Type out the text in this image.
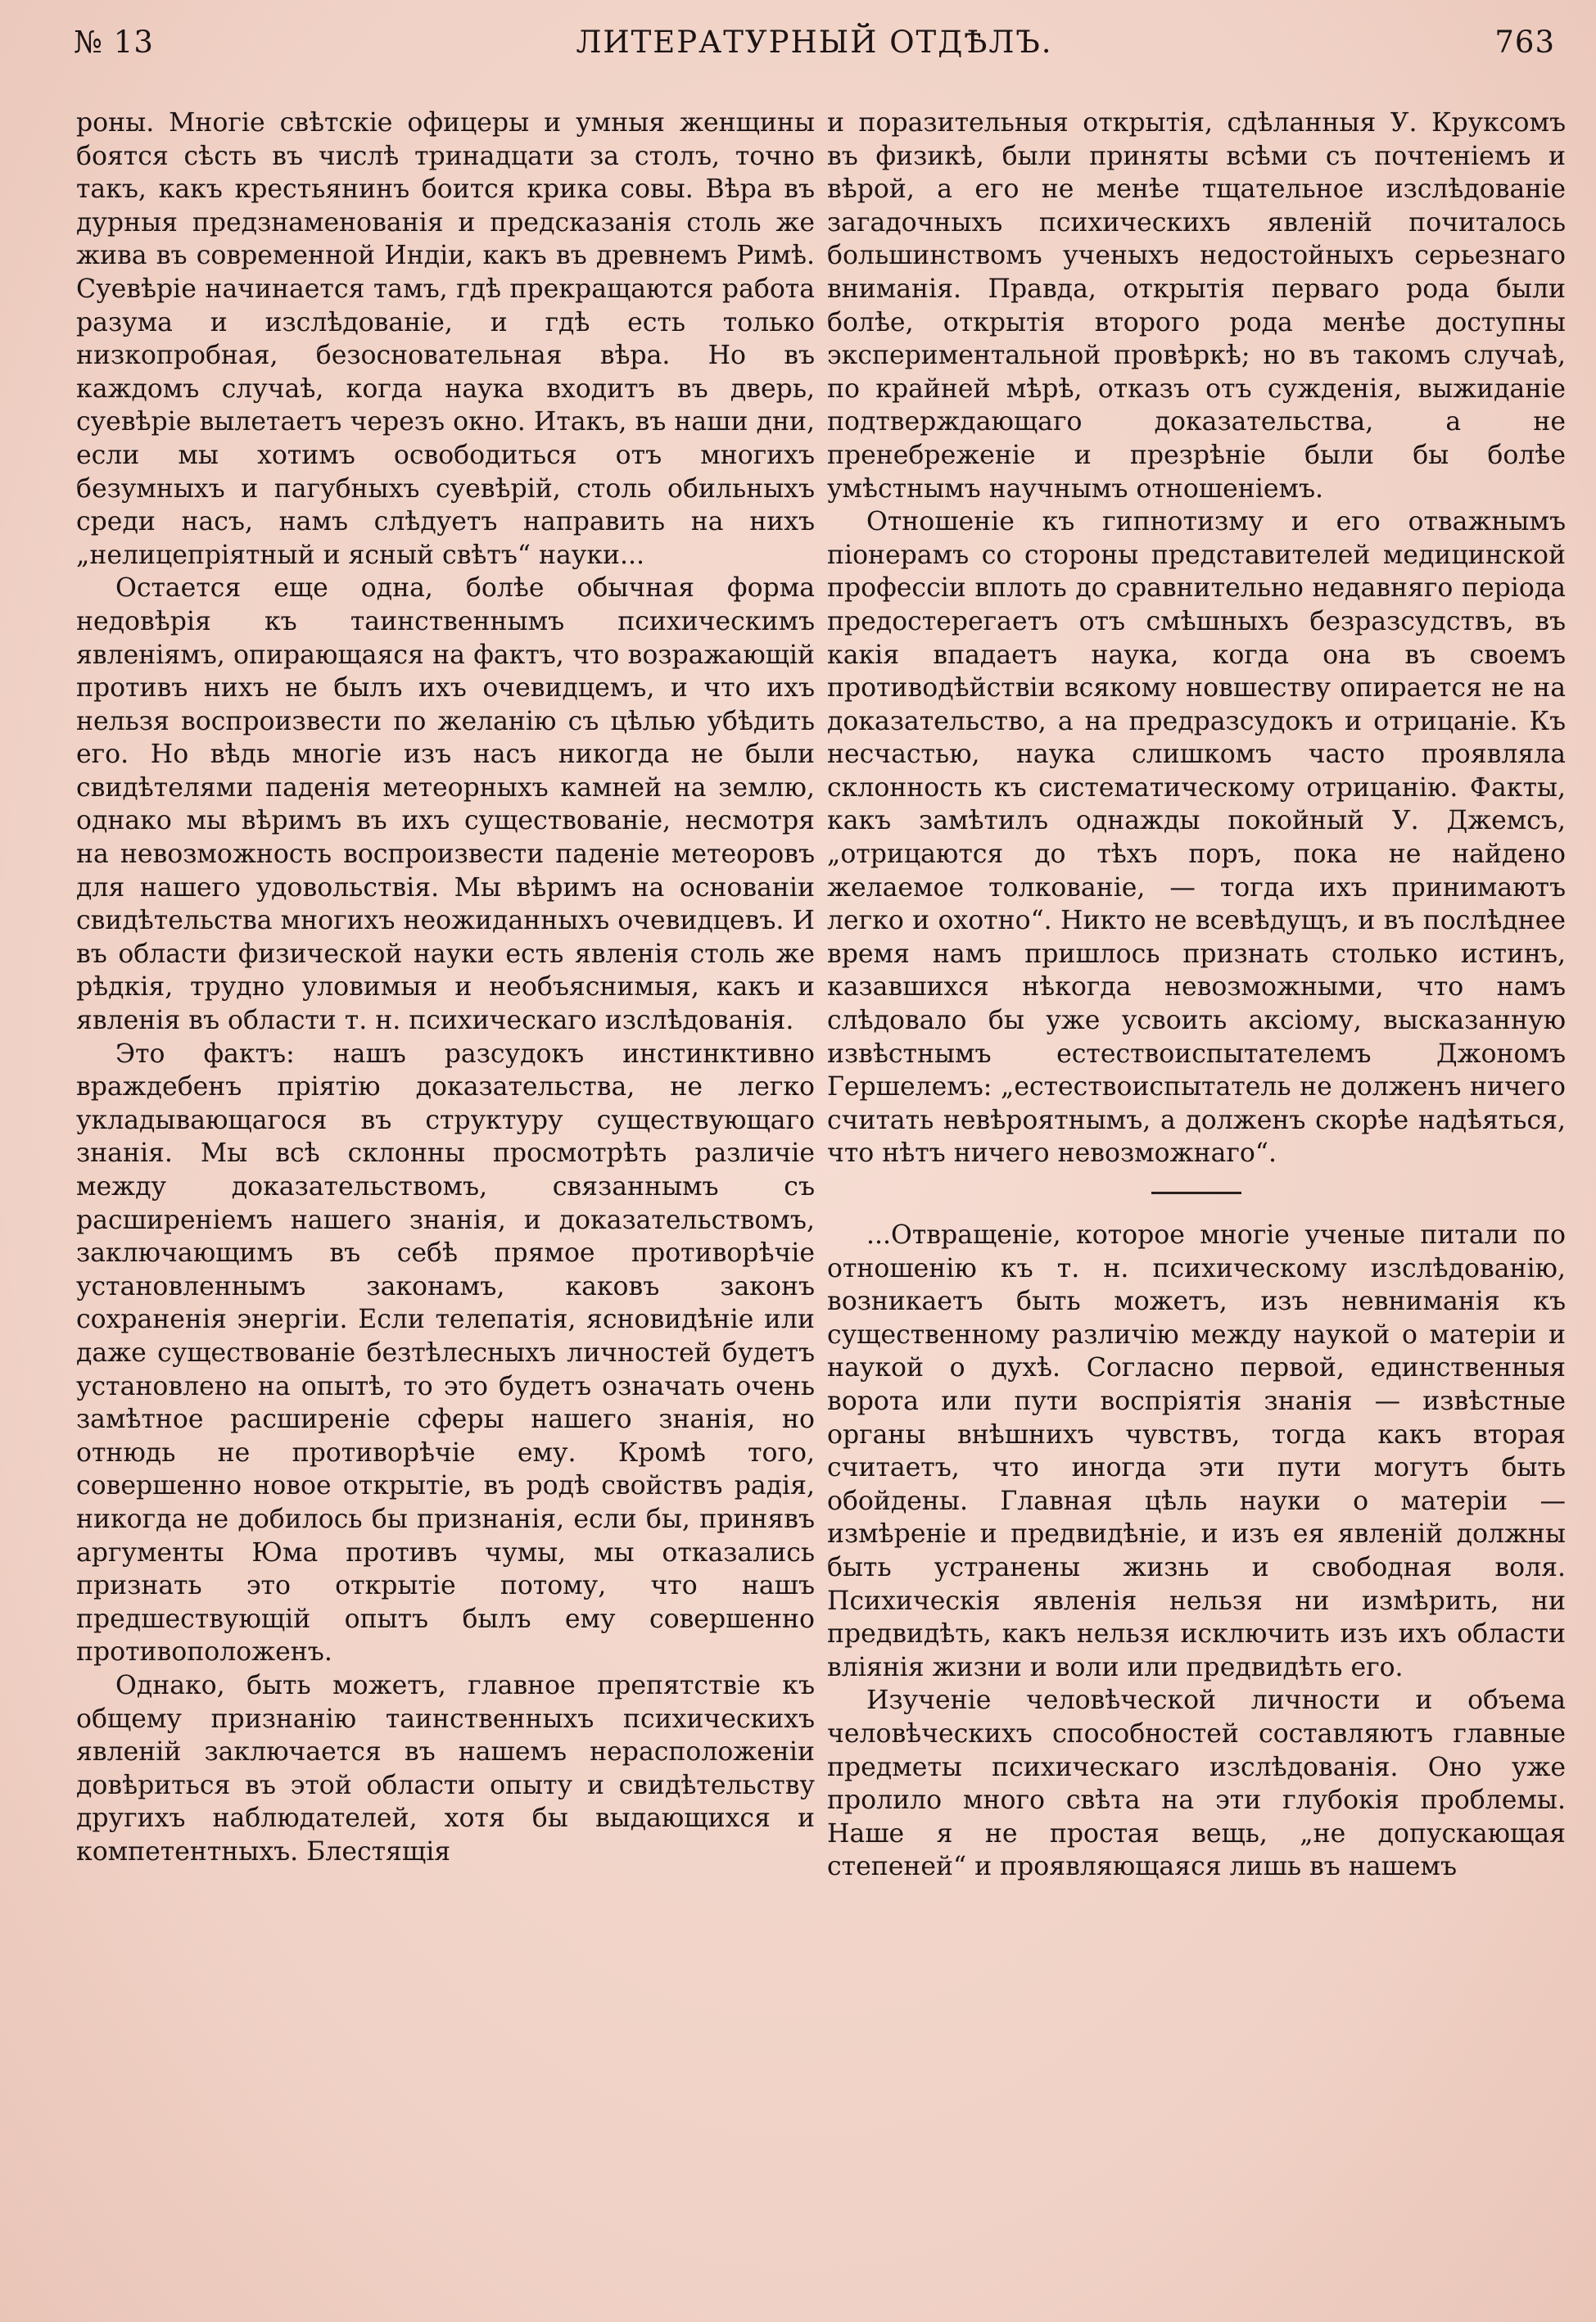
№ 13	ЛИТЕРАТУРНЫЙ ОТДѢЛЪ.	763

роны. Многіе свѣтскіе офицеры и умныя женщины боятся сѣсть въ числѣ тринадцати за столъ, точно такъ, какъ крестьянинъ боится крика совы. Вѣра въ дурныя предзнаменованія и предсказанія столь же жива въ современной Индіи, какъ въ древнемъ Римѣ. Суевѣріе начинается тамъ, гдѣ прекращаются работа разума и изслѣдованіе, и гдѣ есть только низкопробная, безосновательная вѣра. Но въ каждомъ случаѣ, когда наука входитъ въ дверь, суевѣріе вылетаетъ черезъ окно. Итакъ, въ наши дни, если мы хотимъ освободиться отъ многихъ безумныхъ и пагубныхъ суевѣрій, столь обильныхъ среди насъ, намъ слѣдуетъ направить на нихъ „нелицепріятный и ясный свѣтъ“ науки...

Остается еще одна, болѣе обычная форма недовѣрія къ таинственнымъ психическимъ явленіямъ, опирающаяся на фактъ, что возражающій противъ нихъ не былъ ихъ очевидцемъ, и что ихъ нельзя воспроизвести по желанію съ цѣлью убѣдить его. Но вѣдь многіе изъ насъ никогда не были свидѣтелями паденія метеорныхъ камней на землю, однако мы вѣримъ въ ихъ существованіе, несмотря на невозможность воспроизвести паденіе метеоровъ для нашего удовольствія. Мы вѣримъ на основаніи свидѣтельства многихъ неожиданныхъ очевидцевъ. И въ области физической науки есть явленія столь же рѣдкія, трудно уловимыя и необъяснимыя, какъ и явленія въ области т. н. психическаго изслѣдованія.

Это фактъ: нашъ разсудокъ инстинктивно враждебенъ пріятію доказательства, не легко укладывающагося въ структуру существующаго знанія. Мы всѣ склонны просмотрѣть различіе между доказательствомъ, связаннымъ съ расширеніемъ нашего знанія, и доказательствомъ, заключающимъ въ себѣ прямое противорѣчіе установленнымъ законамъ, каковъ законъ сохраненія энергіи. Если телепатія, ясновидѣніе или даже существованіе безтѣлесныхъ личностей будетъ установлено на опытѣ, то это будетъ означать очень замѣтное расширеніе сферы нашего знанія, но отнюдь не противорѣчіе ему. Кромѣ того, совершенно новое открытіе, въ родѣ свойствъ радія, никогда не добилось бы признанія, если бы, принявъ аргументы Юма противъ чумы, мы отказались признать это открытіе потому, что нашъ предшествующій опытъ былъ ему совершенно противоположенъ.

Однако, быть можетъ, главное препятствіе къ общему признанію таинственныхъ психическихъ явленій заключается въ нашемъ нерасположеніи довѣриться въ этой области опыту и свидѣтельству другихъ наблюдателей, хотя бы выдающихся и компетентныхъ. Блестящія

и поразительныя открытія, сдѣланныя У. Круксомъ въ физикѣ, были приняты всѣми съ почтеніемъ и вѣрой, а его не менѣе тщательное изслѣдованіе загадочныхъ психическихъ явленій почиталось большинствомъ ученыхъ недостойныхъ серьезнаго вниманія. Правда, открытія перваго рода были болѣе, открытія второго рода менѣе доступны экспериментальной провѣркѣ; но въ такомъ случаѣ, по крайней мѣрѣ, отказъ отъ сужденія, выжиданіе подтверждающаго доказательства, а не пренебреженіе и презрѣніе были бы болѣе умѣстнымъ научнымъ отношеніемъ.

Отношеніе къ гипнотизму и его отважнымъ піонерамъ со стороны представителей медицинской профессіи вплоть до сравнительно недавняго періода предостерегаетъ отъ смѣшныхъ безразсудствъ, въ какія впадаетъ наука, когда она въ своемъ противодѣйствіи всякому новшеству опирается не на доказательство, а на предразсудокъ и отрицаніе. Къ несчастью, наука слишкомъ часто проявляла склонность къ систематическому отрицанію. Факты, какъ замѣтилъ однажды покойный У. Джемсъ, „отрицаются до тѣхъ поръ, пока не найдено желаемое толкованіе, — тогда ихъ принимаютъ легко и охотно“. Никто не всевѣдущъ, и въ послѣднее время намъ пришлось признать столько истинъ, казавшихся нѣкогда невозможными, что намъ слѣдовало бы уже усвоить аксіому, высказанную извѣстнымъ естествоиспытателемъ Джономъ Гершелемъ: „естествоиспытатель не долженъ ничего считать невѣроятнымъ, а долженъ скорѣе надѣяться, что нѣтъ ничего невозможнаго“.

...Отвращеніе, которое многіе ученые питали по отношенію къ т. н. психическому изслѣдованію, возникаетъ быть можетъ, изъ невниманія къ существенному различію между наукой о матеріи и наукой о духѣ. Согласно первой, единственныя ворота или пути воспріятія знанія — извѣстные органы внѣшнихъ чувствъ, тогда какъ вторая считаетъ, что иногда эти пути могутъ быть обойдены. Главная цѣль науки о матеріи — измѣреніе и предвидѣніе, и изъ ея явленій должны быть устранены жизнь и свободная воля. Психическія явленія нельзя ни измѣрить, ни предвидѣть, какъ нельзя исключить изъ ихъ области вліянія жизни и воли или предвидѣть его.

Изученіе человѣческой личности и объема человѣческихъ способностей составляютъ главные предметы психическаго изслѣдованія. Оно уже пролило много свѣта на эти глубокія проблемы. Наше я не простая вещь, „не допускающая степеней“ и проявляющаяся лишь въ нашемъ
